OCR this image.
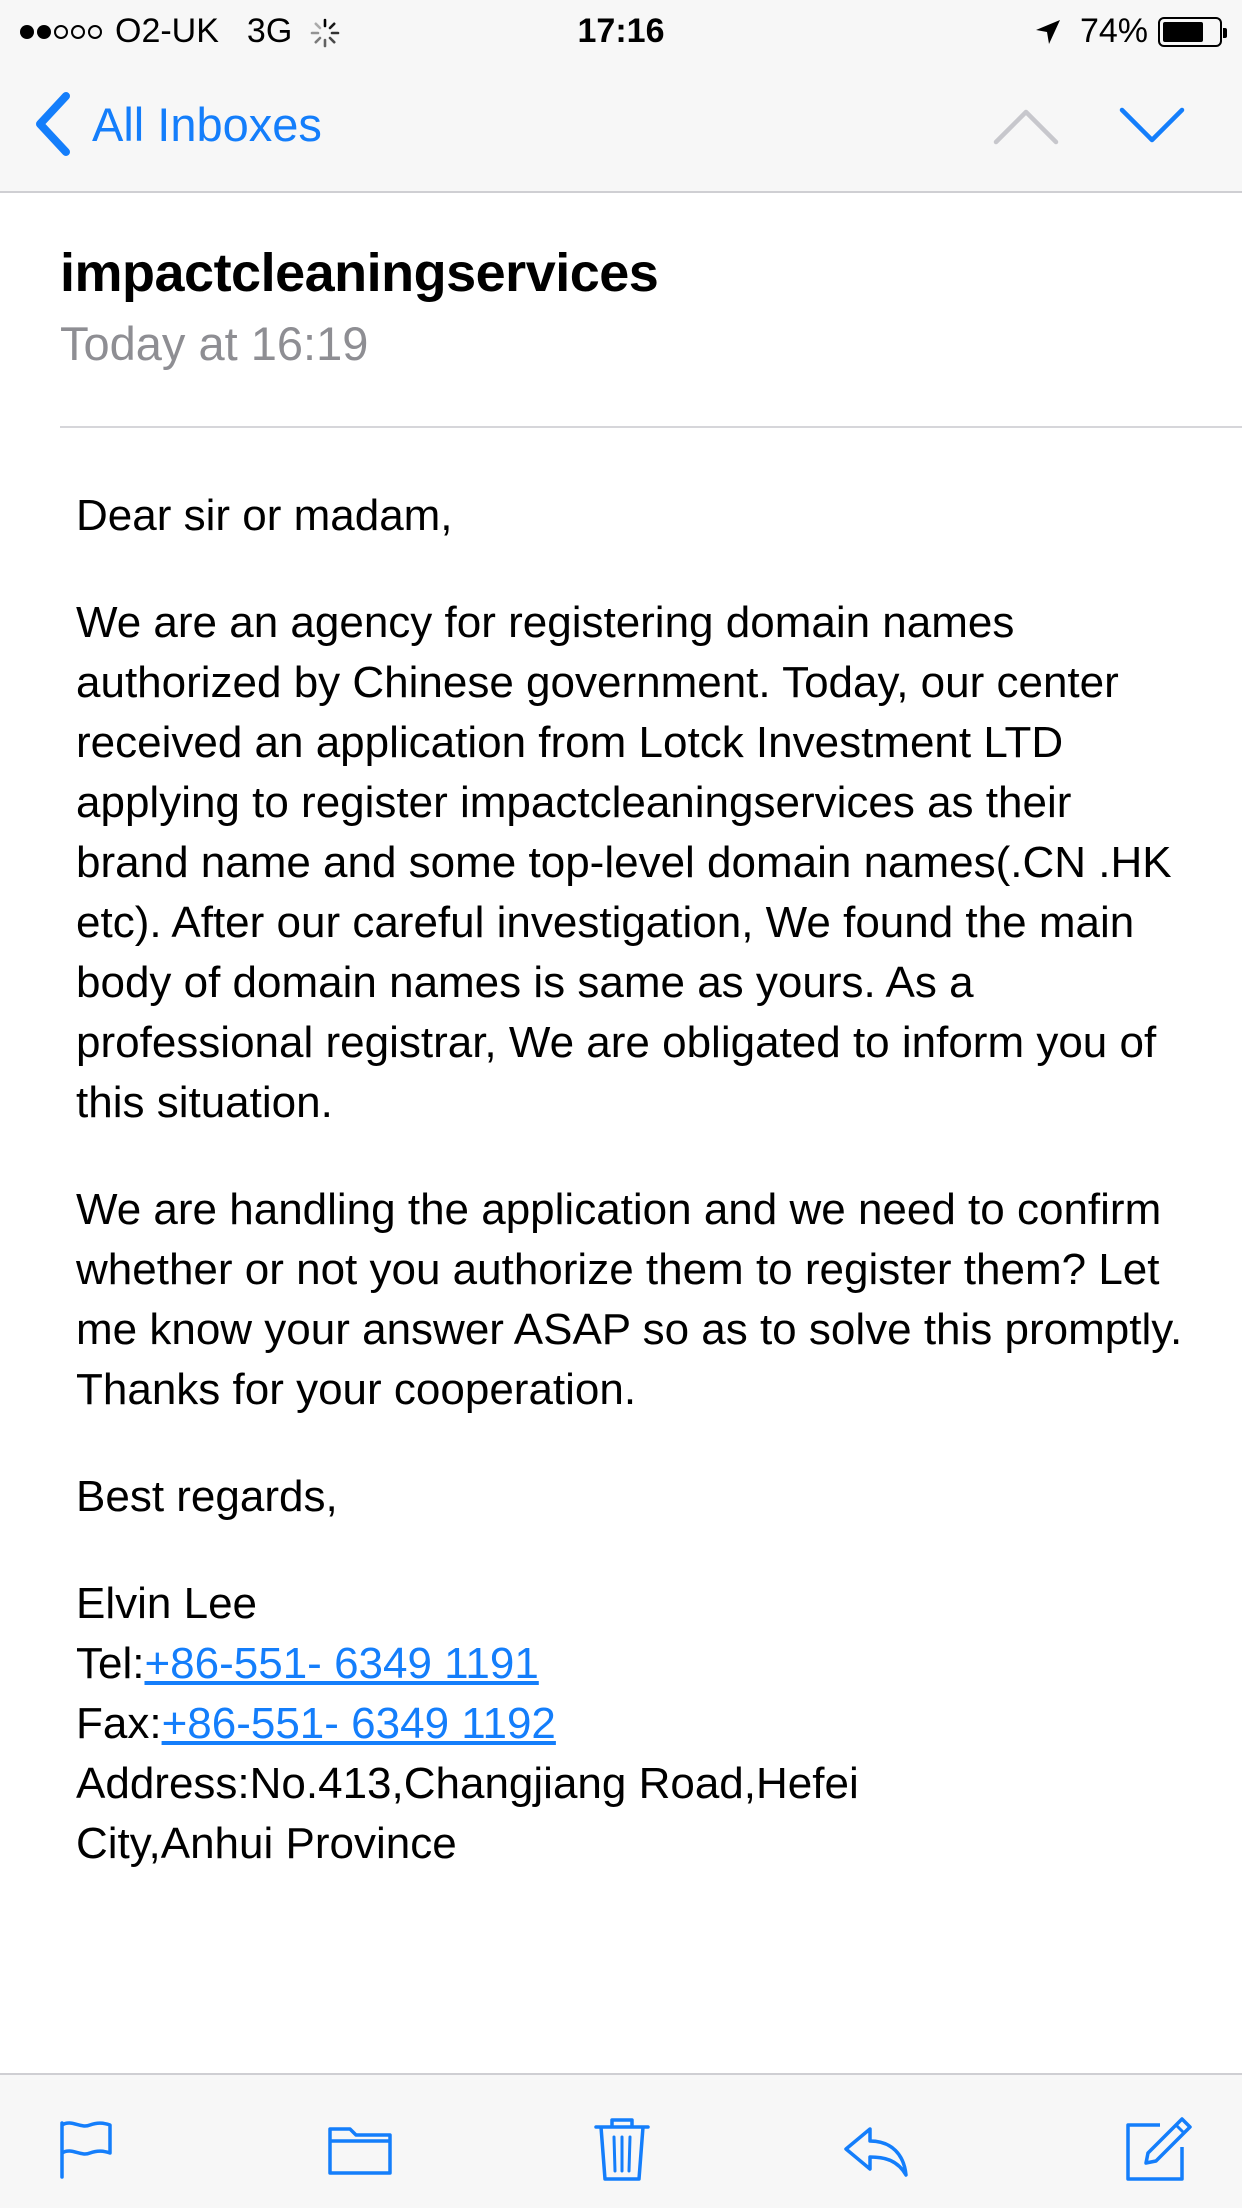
O2-UK 3G	17:16	74%
All Inboxes
impactcleaningservices
Today at 16:19

Dear sir or madam,

We are an agency for registering domain names authorized by Chinese government. Today, our center received an application from Lotck Investment LTD applying to register impactcleaningservices as their brand name and some top-level domain names(.CN .HK etc). After our careful investigation, We found the main body of domain names is same as yours. As a professional registrar, We are obligated to inform you of this situation.

We are handling the application and we need to confirm whether or not you authorize them to register them? Let me know your answer ASAP so as to solve this promptly. Thanks for your cooperation.

Best regards,

Elvin Lee

Tel:+86-551- 6349 1191

Fax:+86-551- 6349 1192

Address:No.413,Changjiang Road,Hefei

City,Anhui Province
